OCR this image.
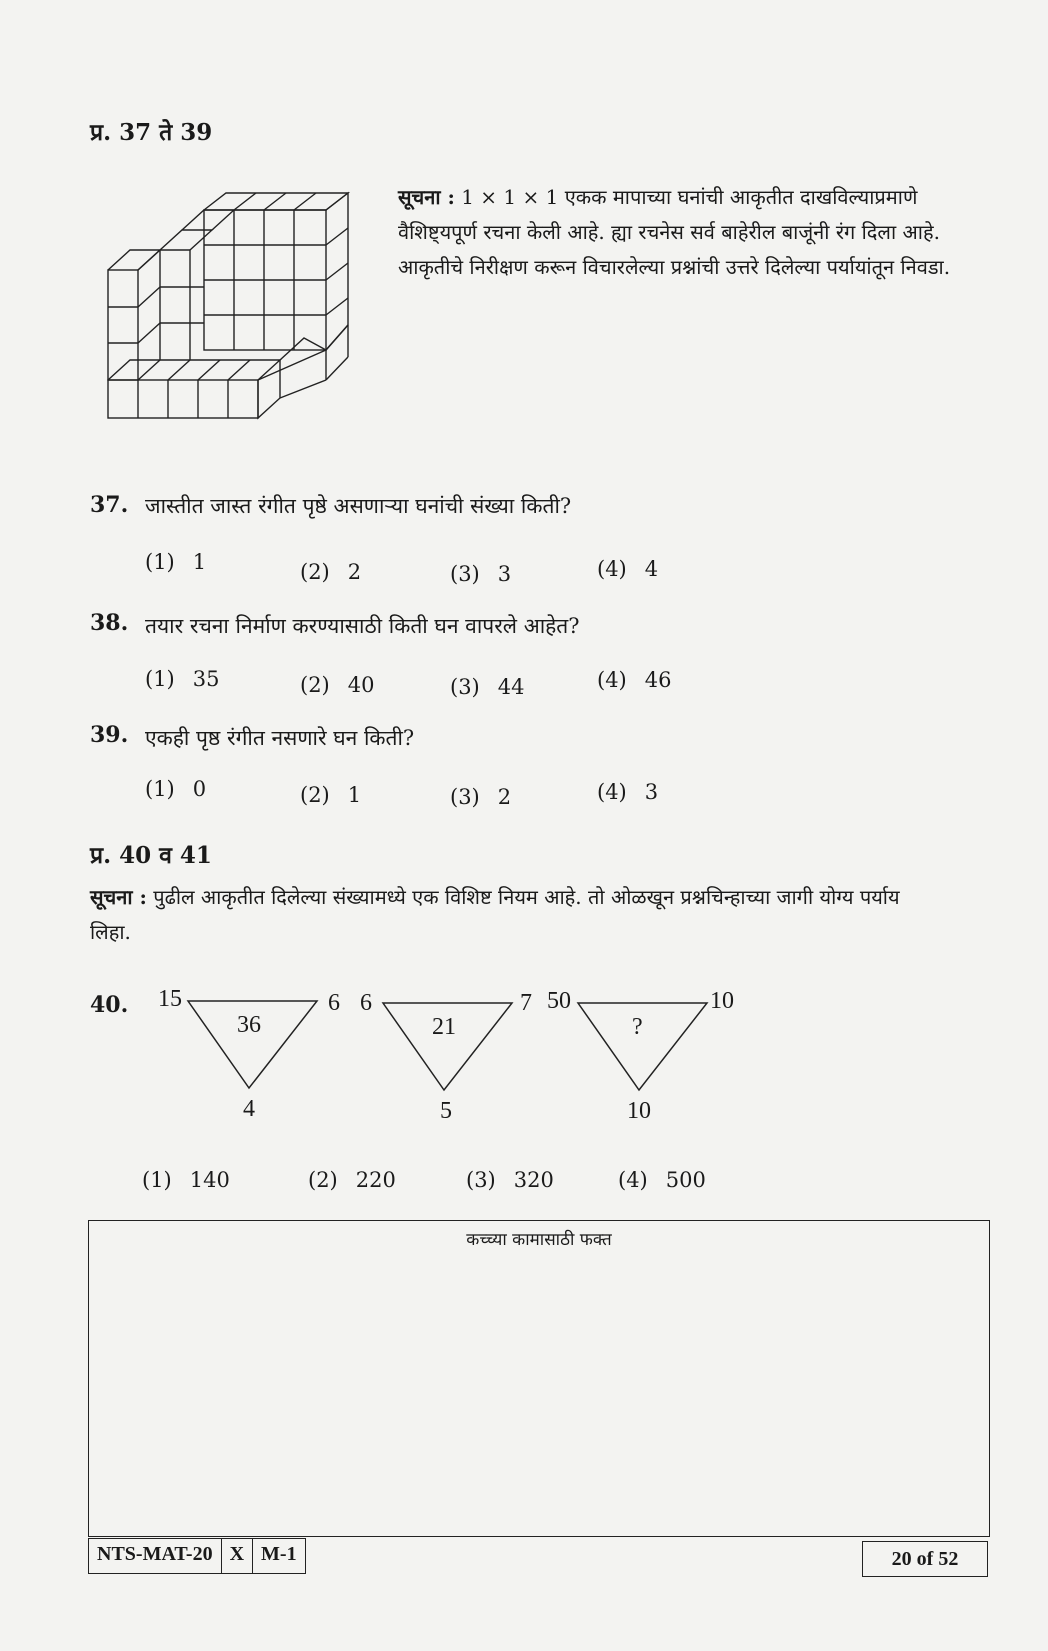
प्र. 37 ते 39
सूचना : 1 × 1 × 1 एकक मापाच्या घनांची आकृतीत दाखविल्याप्रमाणे
वैशिष्ट्यपूर्ण रचना केली आहे. ह्या रचनेस सर्व बाहेरील बाजूंनी रंग दिला आहे.
आकृतीचे निरीक्षण करून विचारलेल्या प्रश्नांची उत्तरे दिलेल्या पर्यायांतून निवडा.
37. जास्तीत जास्त रंगीत पृष्ठे असणाऱ्या घनांची संख्या किती?
(1) 1	(2) 2	(3) 3	(4) 4
38. तयार रचना निर्माण करण्यासाठी किती घन वापरले आहेत?
(1) 35	(2) 40	(3) 44	(4) 46
39. एकही पृष्ठ रंगीत नसणारे घन किती?
(1) 0	(2) 1	(3) 2	(4) 3
प्र. 40 व 41
सूचना : पुढील आकृतीत दिलेल्या संख्यामध्ये एक विशिष्ट नियम आहे. तो ओळखून प्रश्नचिन्हाच्या जागी योग्य पर्याय
लिहा.
40. 15	6
36
4
6	7
21
5
50	10
?
10
(1) 140	(2) 220	(3) 320	(4) 500
कच्च्या कामासाठी फक्त
NTS-MAT-20 X M-1	20 of 52
